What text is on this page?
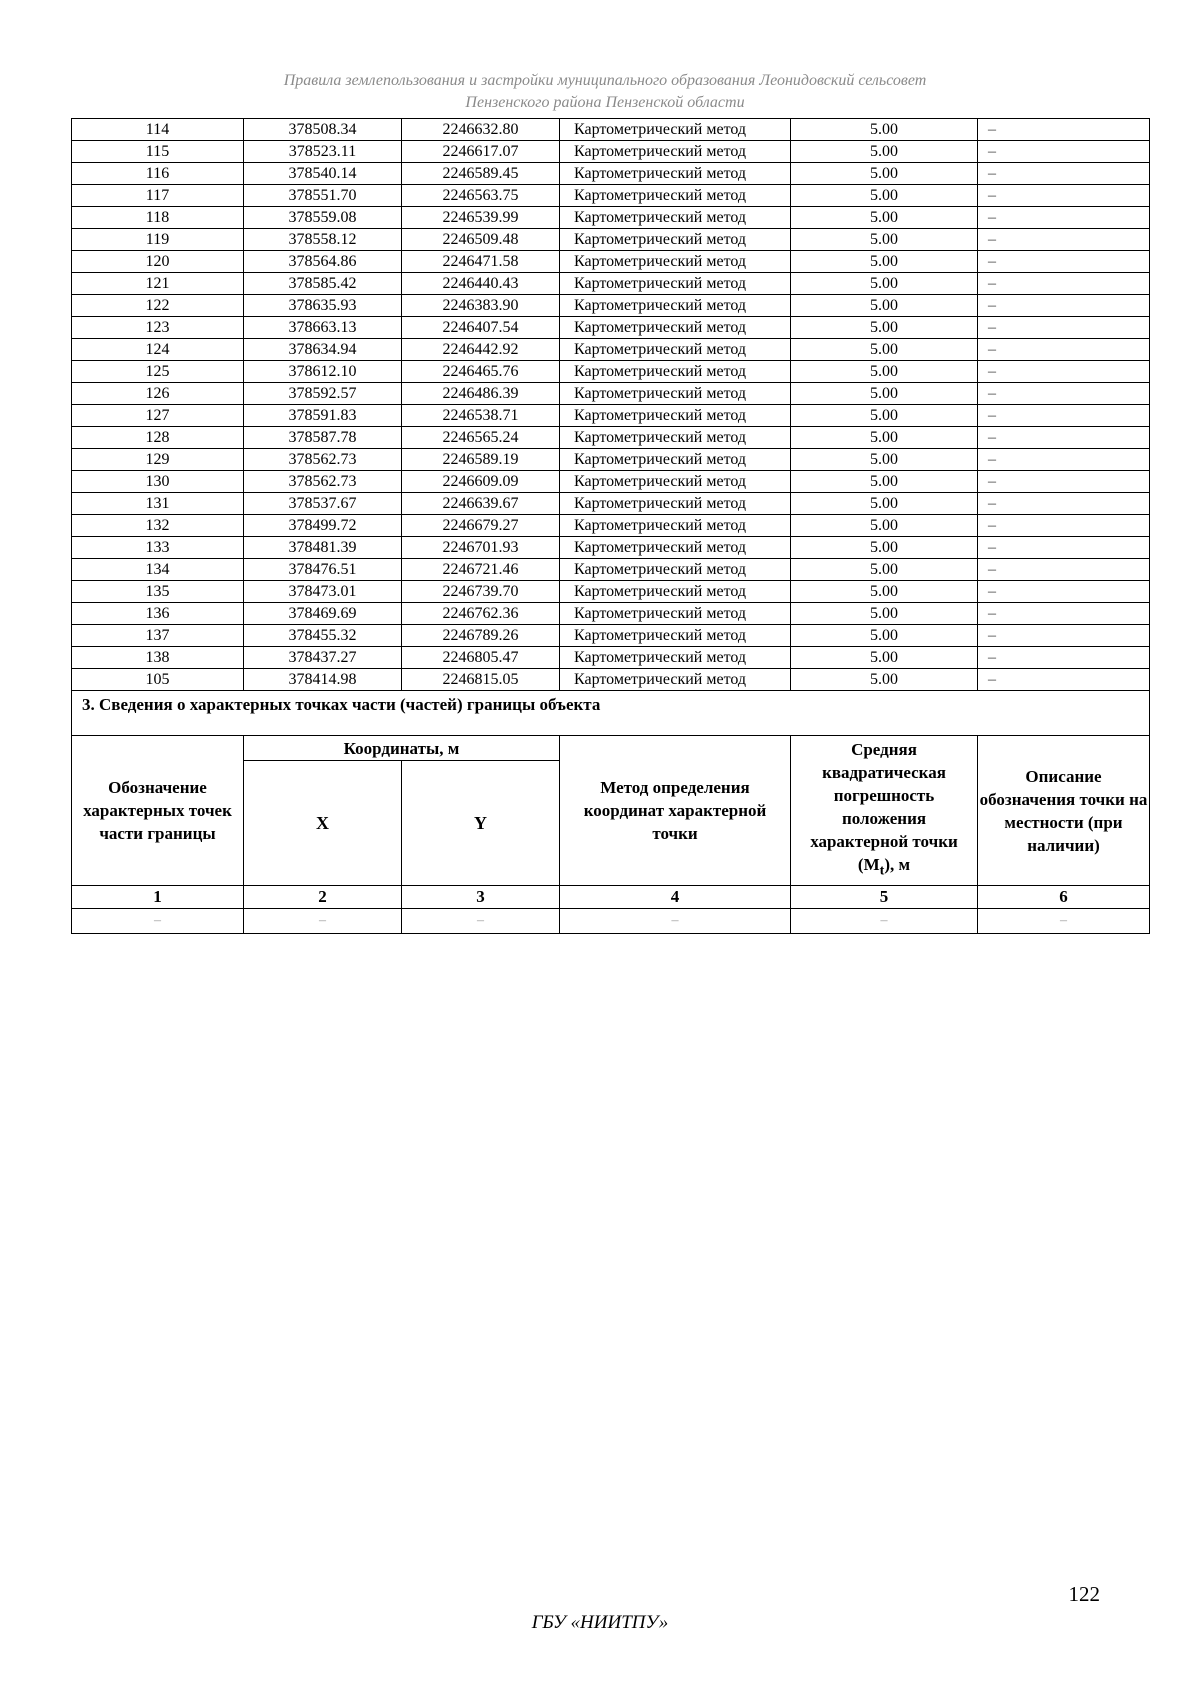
Правила землепользования и застройки муниципального образования Леонидовский сельсовет
Пензенского района Пензенской области
114	378508.34	2246632.80	Картометрический метод	5.00	–
115	378523.11	2246617.07	Картометрический метод	5.00	–
116	378540.14	2246589.45	Картометрический метод	5.00	–
117	378551.70	2246563.75	Картометрический метод	5.00	–
118	378559.08	2246539.99	Картометрический метод	5.00	–
119	378558.12	2246509.48	Картометрический метод	5.00	–
120	378564.86	2246471.58	Картометрический метод	5.00	–
121	378585.42	2246440.43	Картометрический метод	5.00	–
122	378635.93	2246383.90	Картометрический метод	5.00	–
123	378663.13	2246407.54	Картометрический метод	5.00	–
124	378634.94	2246442.92	Картометрический метод	5.00	–
125	378612.10	2246465.76	Картометрический метод	5.00	–
126	378592.57	2246486.39	Картометрический метод	5.00	–
127	378591.83	2246538.71	Картометрический метод	5.00	–
128	378587.78	2246565.24	Картометрический метод	5.00	–
129	378562.73	2246589.19	Картометрический метод	5.00	–
130	378562.73	2246609.09	Картометрический метод	5.00	–
131	378537.67	2246639.67	Картометрический метод	5.00	–
132	378499.72	2246679.27	Картометрический метод	5.00	–
133	378481.39	2246701.93	Картометрический метод	5.00	–
134	378476.51	2246721.46	Картометрический метод	5.00	–
135	378473.01	2246739.70	Картометрический метод	5.00	–
136	378469.69	2246762.36	Картометрический метод	5.00	–
137	378455.32	2246789.26	Картометрический метод	5.00	–
138	378437.27	2246805.47	Картометрический метод	5.00	–
105	378414.98	2246815.05	Картометрический метод	5.00	–
3. Сведения о характерных точках части (частей) границы объекта					
Обозначение характерных точек части границы	Координаты, м		Метод определения координат характерной точки	Средняя квадратическая погрешность положения характерной точки $(M_t)$, м	Описание обозначения точки на местности (при наличии)
	X	Y			
1	2	3	4	5	6
–	–	–	–	–	–
122
ГБУ «НИИТПУ»
